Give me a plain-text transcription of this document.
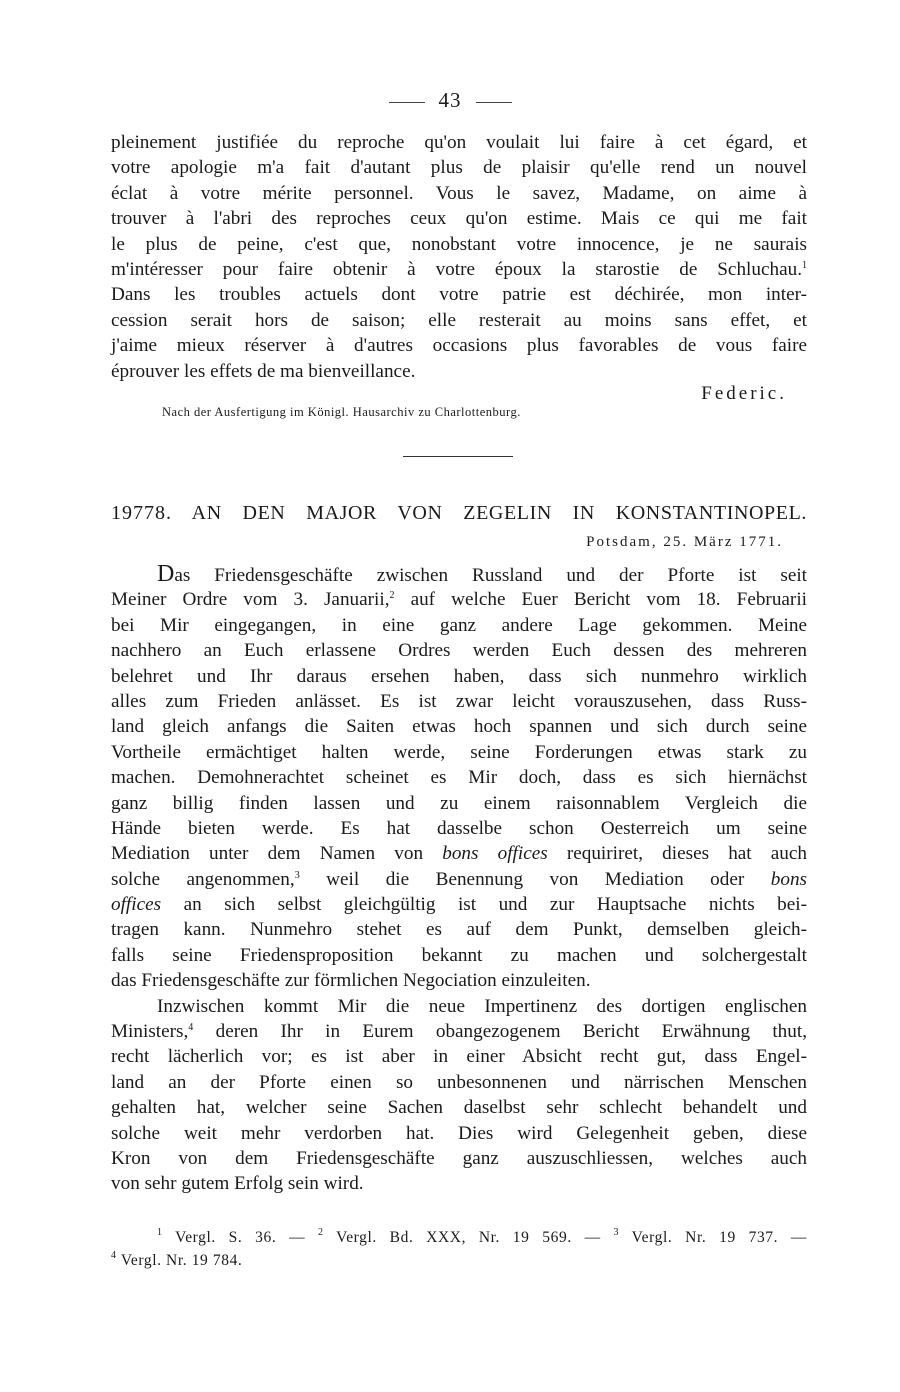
43
pleinement justifiée du reproche qu'on voulait lui faire à cet égard, et
votre apologie m'a fait d'autant plus de plaisir qu'elle rend un nouvel
éclat à votre mérite personnel. Vous le savez, Madame, on aime à
trouver à l'abri des reproches ceux qu'on estime. Mais ce qui me fait
le plus de peine, c'est que, nonobstant votre innocence, je ne saurais
m'intéresser pour faire obtenir à votre époux la starostie de Schluchau.$^1$
Dans les troubles actuels dont votre patrie est déchirée, mon inter-
cession serait hors de saison; elle resterait au moins sans effet, et
j'aime mieux réserver à d'autres occasions plus favorables de vous faire
éprouver les effets de ma bienveillance.
Federic.
Nach der Ausfertigung im Königl. Hausarchiv zu Charlottenburg.
19778. AN DEN MAJOR VON ZEGELIN IN KONSTANTINOPEL.
Potsdam, 25. März 1771.
Das Friedensgeschäfte zwischen Russland und der Pforte ist seit
Meiner Ordre vom 3. Januarii,$^2$ auf welche Euer Bericht vom 18. Februarii
bei Mir eingegangen, in eine ganz andere Lage gekommen. Meine
nachhero an Euch erlassene Ordres werden Euch dessen des mehreren
belehret und Ihr daraus ersehen haben, dass sich nunmehro wirklich
alles zum Frieden anlässet. Es ist zwar leicht vorauszusehen, dass Russ-
land gleich anfangs die Saiten etwas hoch spannen und sich durch seine
Vortheile ermächtiget halten werde, seine Forderungen etwas stark zu
machen. Demohnerachtet scheinet es Mir doch, dass es sich hiernächst
ganz billig finden lassen und zu einem raisonnablem Vergleich die
Hände bieten werde. Es hat dasselbe schon Oesterreich um seine
Mediation unter dem Namen von bons offices requiriret, dieses hat auch
solche angenommen,$^3$ weil die Benennung von Mediation oder bons
offices an sich selbst gleichgültig ist und zur Hauptsache nichts bei-
tragen kann. Nunmehro stehet es auf dem Punkt, demselben gleich-
falls seine Friedensproposition bekannt zu machen und solchergestalt
das Friedensgeschäfte zur förmlichen Negociation einzuleiten.
Inzwischen kommt Mir die neue Impertinenz des dortigen englischen
Ministers,$^4$ deren Ihr in Eurem obangezogenem Bericht Erwähnung thut,
recht lächerlich vor; es ist aber in einer Absicht recht gut, dass Engel-
land an der Pforte einen so unbesonnenen und närrischen Menschen
gehalten hat, welcher seine Sachen daselbst sehr schlecht behandelt und
solche weit mehr verdorben hat. Dies wird Gelegenheit geben, diese
Kron von dem Friedensgeschäfte ganz auszuschliessen, welches auch
von sehr gutem Erfolg sein wird.
$^1$ Vergl. S. 36. — $^2$ Vergl. Bd. XXX, Nr. 19 569. — $^3$ Vergl. Nr. 19 737. —
$^4$ Vergl. Nr. 19 784.
